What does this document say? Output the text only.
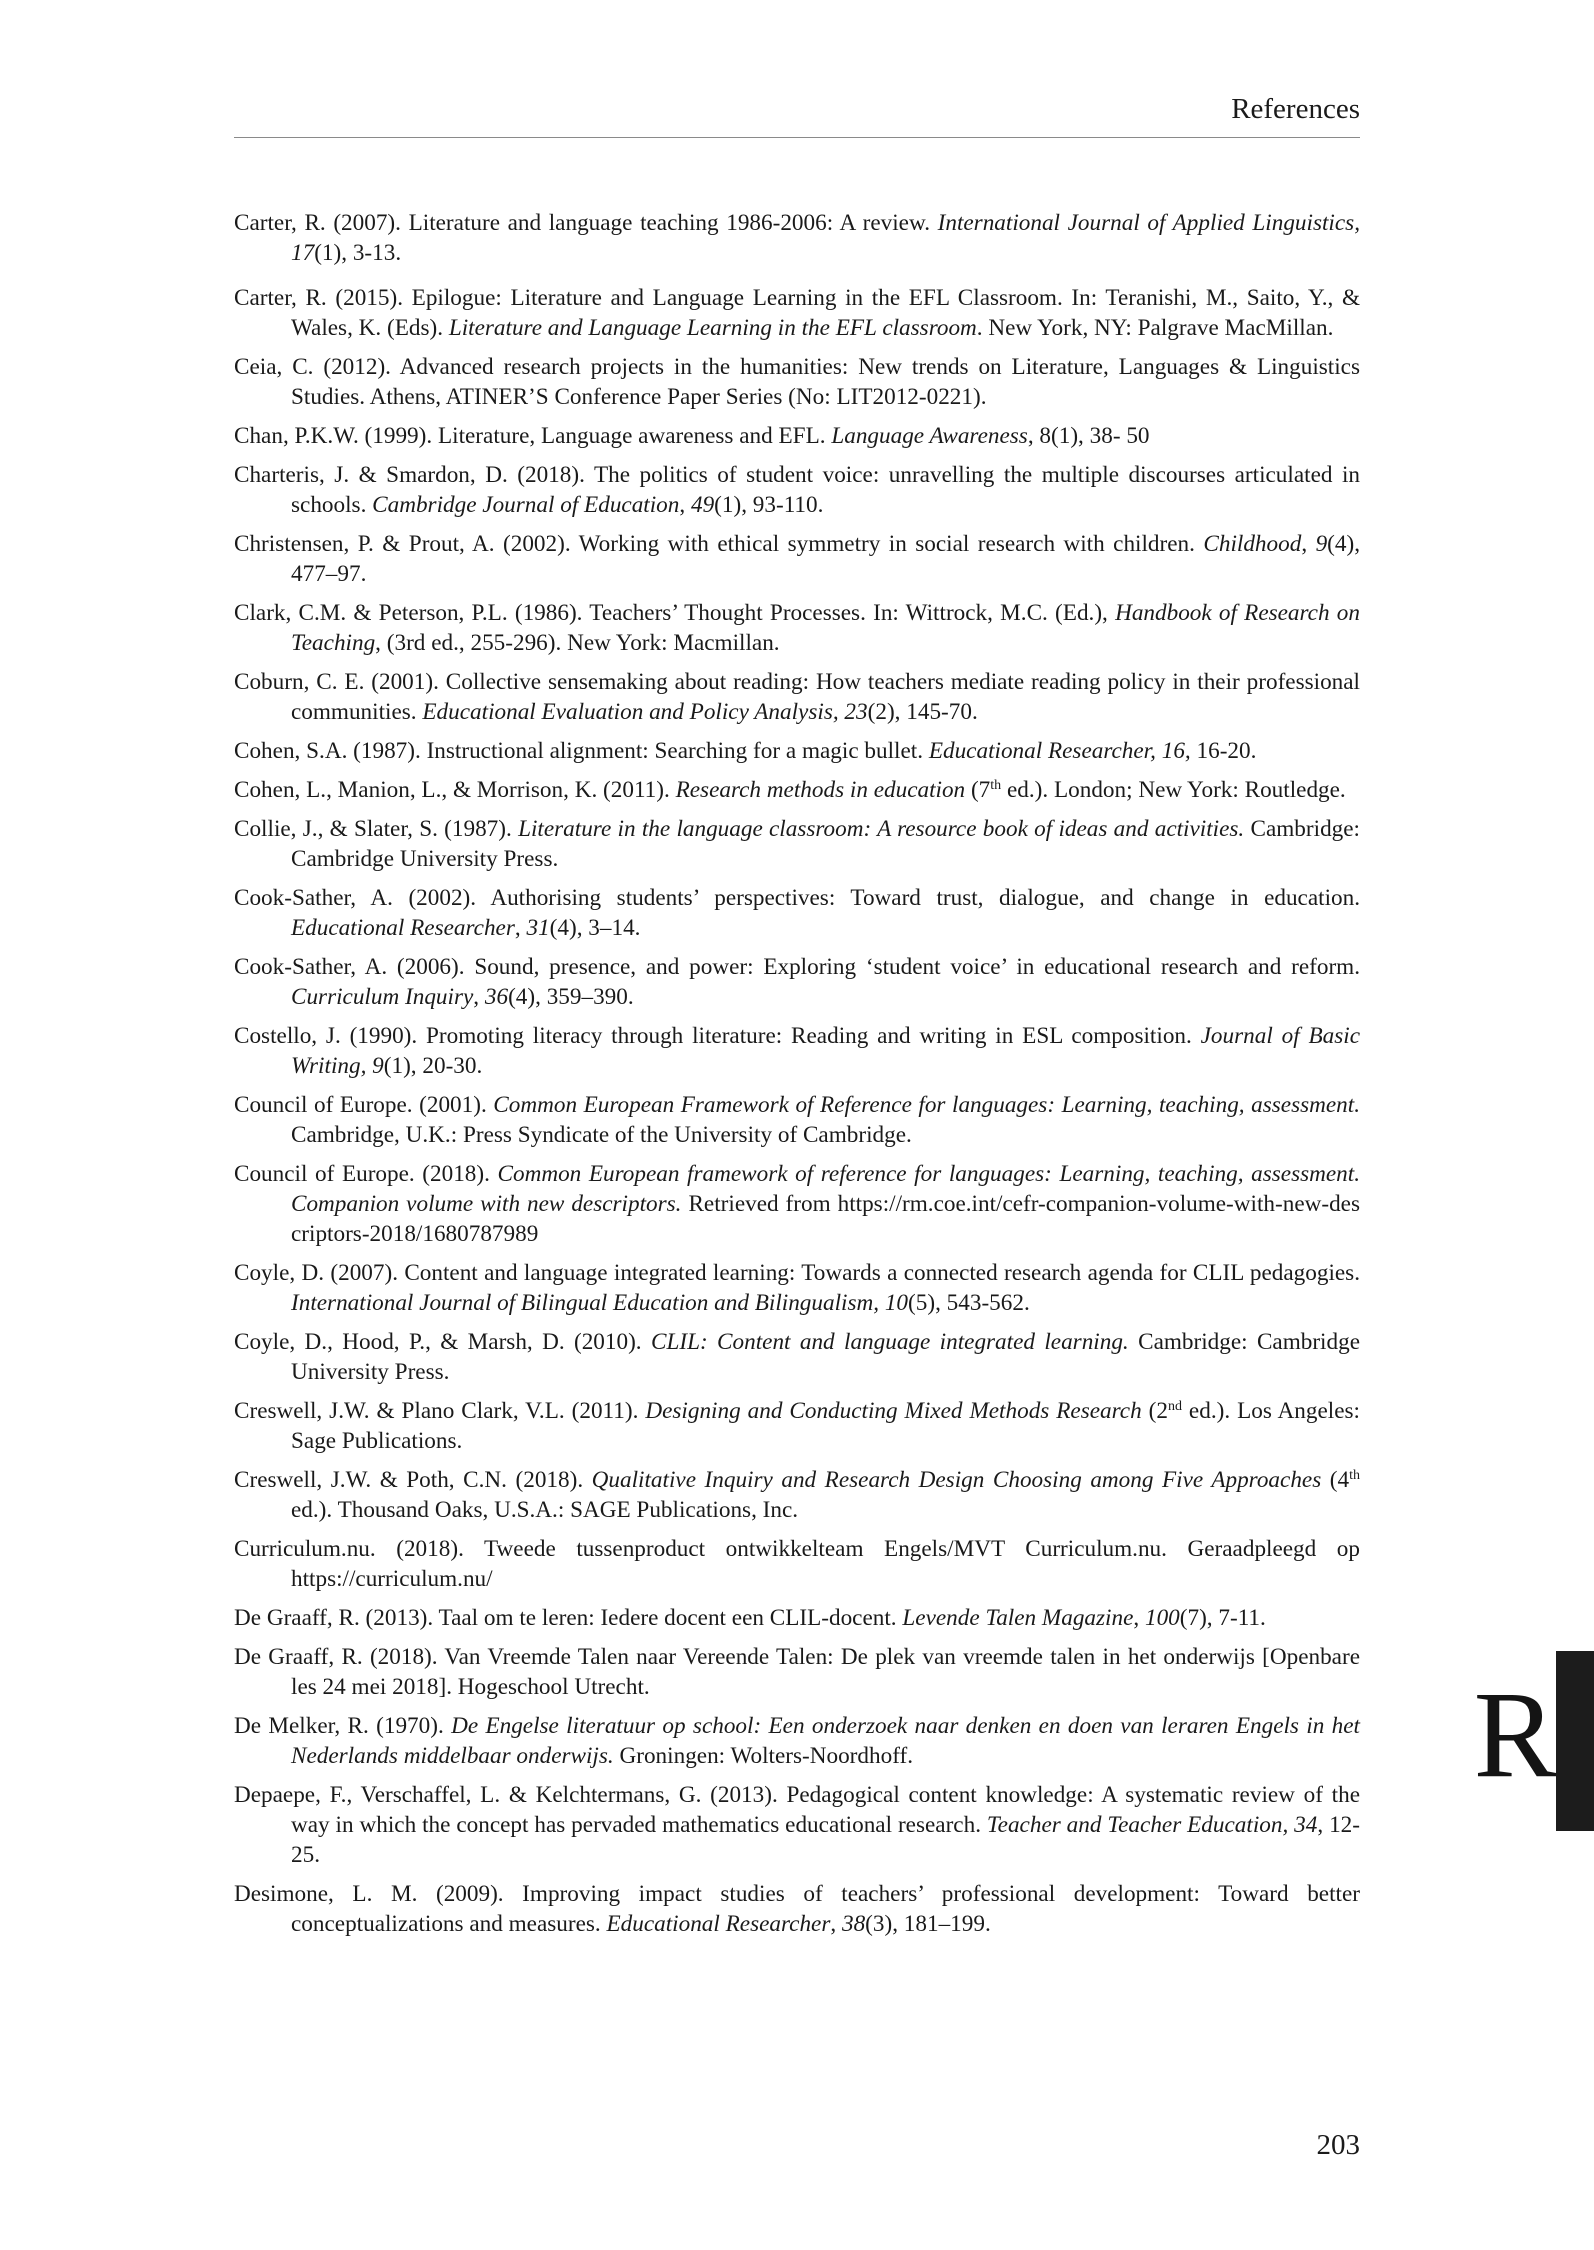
References

Carter, R. (2007). Literature and language teaching 1986-2006: A review. International Journal of Applied Linguistics, 17(1), 3-13.

Carter, R. (2015). Epilogue: Literature and Language Learning in the EFL Classroom. In: Teranishi, M., Saito, Y., & Wales, K. (Eds). Literature and Language Learning in the EFL classroom. New York, NY: Palgrave MacMillan.

Ceia, C. (2012). Advanced research projects in the humanities: New trends on Literature, Languages & Linguistics Studies. Athens, ATINER’S Conference Paper Series (No: LIT2012-0221).

Chan, P.K.W. (1999). Literature, Language awareness and EFL. Language Awareness, 8(1), 38- 50

Charteris, J. & Smardon, D. (2018). The politics of student voice: unravelling the multiple discourses articulated in schools. Cambridge Journal of Education, 49(1), 93-110.

Christensen, P. & Prout, A. (2002). Working with ethical symmetry in social research with children. Childhood, 9(4), 477–97.

Clark, C.M. & Peterson, P.L. (1986). Teachers’ Thought Processes. In: Wittrock, M.C. (Ed.), Handbook of Research on Teaching, (3rd ed., 255-296). New York: Macmillan.

Coburn, C. E. (2001). Collective sensemaking about reading: How teachers mediate reading policy in their professional communities. Educational Evaluation and Policy Analysis, 23(2), 145-70.

Cohen, S.A. (1987). Instructional alignment: Searching for a magic bullet. Educational Researcher, 16, 16-20.

Cohen, L., Manion, L., & Morrison, K. (2011). Research methods in education (7th ed.). London; New York: Routledge.

Collie, J., & Slater, S. (1987). Literature in the language classroom: A resource book of ideas and activities. Cambridge: Cambridge University Press.

Cook-Sather, A. (2002). Authorising students’ perspectives: Toward trust, dialogue, and change in education. Educational Researcher, 31(4), 3–14.

Cook-Sather, A. (2006). Sound, presence, and power: Exploring ‘student voice’ in educational research and reform. Curriculum Inquiry, 36(4), 359–390.

Costello, J. (1990). Promoting literacy through literature: Reading and writing in ESL composition. Journal of Basic Writing, 9(1), 20-30.

Council of Europe. (2001). Common European Framework of Reference for languages: Learning, teaching, assessment. Cambridge, U.K.: Press Syndicate of the University of Cambridge.

Council of Europe. (2018). Common European framework of reference for languages: Learning, teaching, assessment. Companion volume with new descriptors. Retrieved from https://rm.coe.int/cefr-companion-volume-with-new-descriptors-2018/1680787989

Coyle, D. (2007). Content and language integrated learning: Towards a connected research agenda for CLIL pedagogies. International Journal of Bilingual Education and Bilingualism, 10(5), 543-562.

Coyle, D., Hood, P., & Marsh, D. (2010). CLIL: Content and language integrated learning. Cambridge: Cambridge University Press.

Creswell, J.W. & Plano Clark, V.L. (2011). Designing and Conducting Mixed Methods Research (2nd ed.). Los Angeles: Sage Publications.

Creswell, J.W. & Poth, C.N. (2018). Qualitative Inquiry and Research Design Choosing among Five Approaches (4th ed.). Thousand Oaks, U.S.A.: SAGE Publications, Inc.

Curriculum.nu. (2018). Tweede tussenproduct ontwikkelteam Engels/MVT Curriculum.nu. Geraadpleegd op https://curriculum.nu/

De Graaff, R. (2013). Taal om te leren: Iedere docent een CLIL-docent. Levende Talen Magazine, 100(7), 7-11.

De Graaff, R. (2018). Van Vreemde Talen naar Vereende Talen: De plek van vreemde talen in het onderwijs [Openbare les 24 mei 2018]. Hogeschool Utrecht.

De Melker, R. (1970). De Engelse literatuur op school: Een onderzoek naar denken en doen van leraren Engels in het Nederlands middelbaar onderwijs. Groningen: Wolters-Noordhoff.

Depaepe, F., Verschaffel, L. & Kelchtermans, G. (2013). Pedagogical content knowledge: A systematic review of the way in which the concept has pervaded mathematics educational research. Teacher and Teacher Education, 34, 12-25.

Desimone, L. M. (2009). Improving impact studies of teachers’ professional development: Toward better conceptualizations and measures. Educational Researcher, 38(3), 181–199.

R
203
